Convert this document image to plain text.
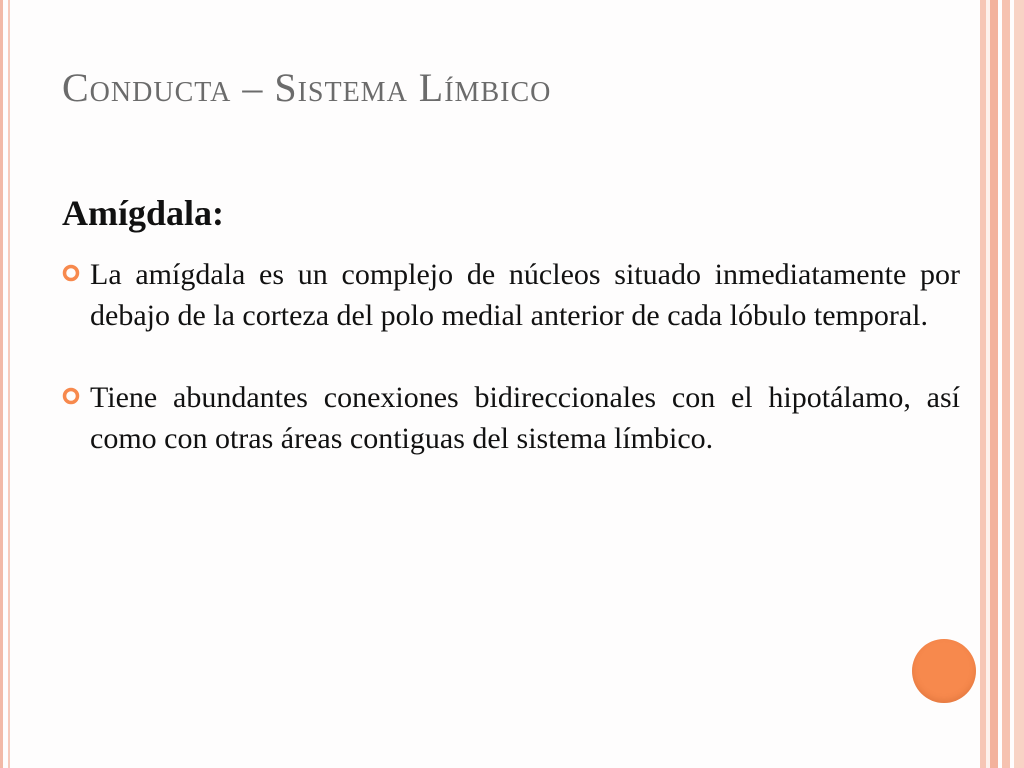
Conducta – Sistema Límbico
Amígdala:
La amígdala es un complejo de núcleos situado inmediatamente por debajo de la corteza del polo medial anterior de cada lóbulo temporal.
Tiene abundantes conexiones bidireccionales con el hipotálamo, así como con otras áreas contiguas del sistema límbico.
